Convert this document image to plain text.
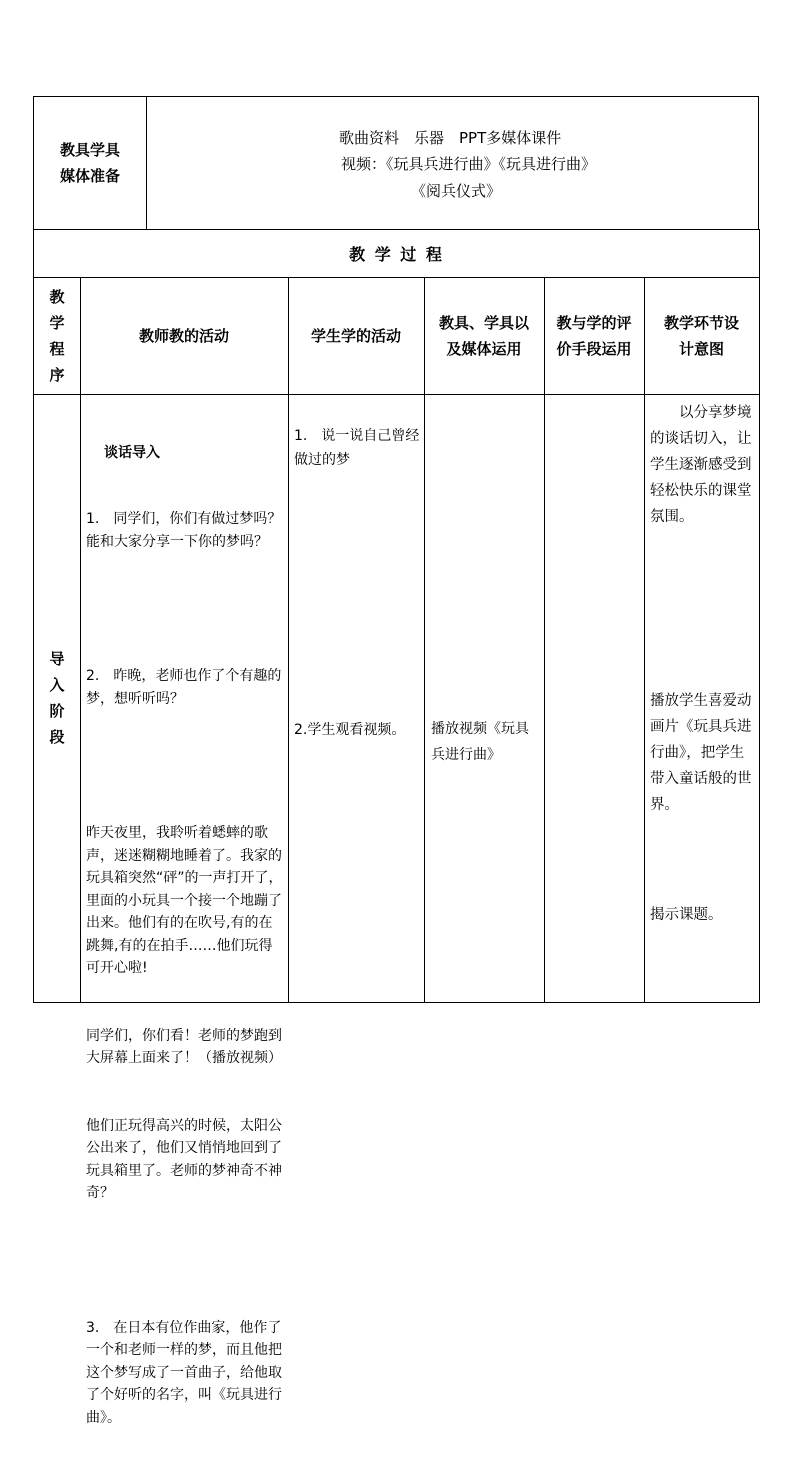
教具学具
媒体准备
歌曲资料　乐器　PPT多媒体课件
视频：《玩具兵进行曲》《玩具进行曲》
《阅兵仪式》
教 学 过 程
教学程序
教师教的活动	学生学的活动
教具、学具以及媒体运用
教与学的评价手段运用
教学环节设计意图
导入阶段

谈话导入

1.　同学们，你们有做过梦吗？能和大家分享一下你的梦吗？

2.　昨晚，老师也作了个有趣的梦，想听听吗？

昨天夜里，我聆听着蟋蟀的歌声，迷迷糊糊地睡着了。我家的玩具箱突然“砰”的一声打开了，里面的小玩具一个接一个地蹦了出来。他们有的在吹号,有的在跳舞,有的在拍手……他们玩得可开心啦!

同学们，你们看！老师的梦跑到大屏幕上面来了！（播放视频）

他们正玩得高兴的时候，太阳公公出来了，他们又悄悄地回到了玩具箱里了。老师的梦神奇不神奇？

3.　在日本有位作曲家，他作了一个和老师一样的梦，而且他把这个梦写成了一首曲子，给他取了个好听的名字，叫《玩具进行曲》。

1.　说一说自己曾经做过的梦
2.学生观看视频。	播放视频《玩具兵进行曲》
以分享梦境的谈话切入，让学生逐渐感受到轻松快乐的课堂氛围。
播放学生喜爱动画片《玩具兵进行曲》，把学生带入童话般的世界。
揭示课题。
